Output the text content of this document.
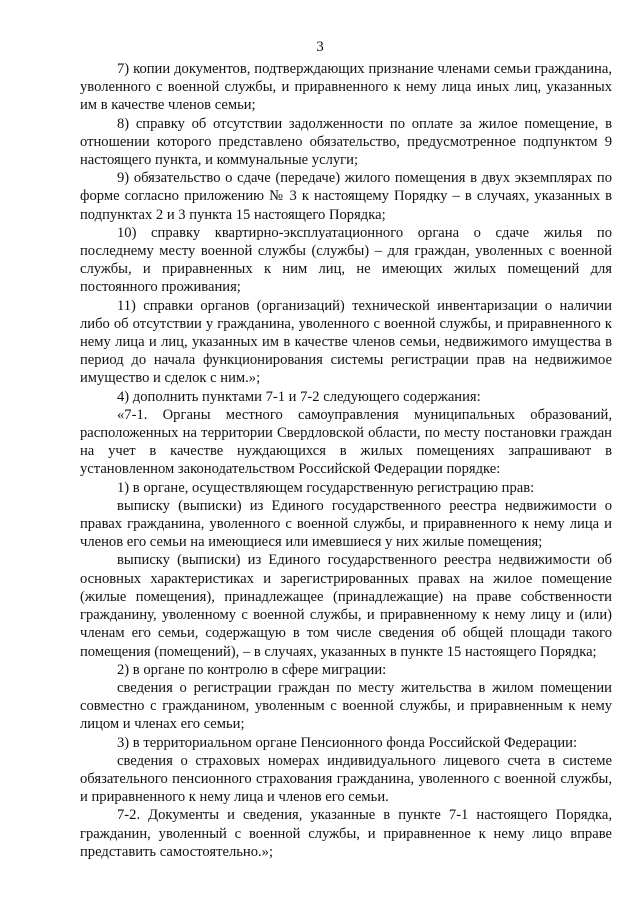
3

7) копии документов, подтверждающих признание членами семьи гражданина, уволенного с военной службы, и приравненного к нему лица иных лиц, указанных им в качестве членов семьи;

8) справку об отсутствии задолженности по оплате за жилое помещение, в отношении которого представлено обязательство, предусмотренное подпунктом 9 настоящего пункта, и коммунальные услуги;

9) обязательство о сдаче (передаче) жилого помещения в двух экземплярах по форме согласно приложению № 3 к настоящему Порядку – в случаях, указанных в подпунктах 2 и 3 пункта 15 настоящего Порядка;

10) справку квартирно-эксплуатационного органа о сдаче жилья по последнему месту военной службы (службы) – для граждан, уволенных с военной службы, и приравненных к ним лиц, не имеющих жилых помещений для постоянного проживания;

11) справки органов (организаций) технической инвентаризации о наличии либо об отсутствии у гражданина, уволенного с военной службы, и приравненного к нему лица и лиц, указанных им в качестве членов семьи, недвижимого имущества в период до начала функционирования системы регистрации прав на недвижимое имущество и сделок с ним.»;

4) дополнить пунктами 7-1 и 7-2 следующего содержания:

«7-1. Органы местного самоуправления муниципальных образований, расположенных на территории Свердловской области, по месту постановки граждан на учет в качестве нуждающихся в жилых помещениях запрашивают в установленном законодательством Российской Федерации порядке:

1) в органе, осуществляющем государственную регистрацию прав:

выписку (выписки) из Единого государственного реестра недвижимости о правах гражданина, уволенного с военной службы, и приравненного к нему лица и членов его семьи на имеющиеся или имевшиеся у них жилые помещения;

выписку (выписки) из Единого государственного реестра недвижимости об основных характеристиках и зарегистрированных правах на жилое помещение (жилые помещения), принадлежащее (принадлежащие) на праве собственности гражданину, уволенному с военной службы, и приравненному к нему лицу и (или) членам его семьи, содержащую в том числе сведения об общей площади такого помещения (помещений), – в случаях, указанных в пункте 15 настоящего Порядка;

2) в органе по контролю в сфере миграции:

сведения о регистрации граждан по месту жительства в жилом помещении совместно с гражданином, уволенным с военной службы, и приравненным к нему лицом и членах его семьи;

3) в территориальном органе Пенсионного фонда Российской Федерации:

сведения о страховых номерах индивидуального лицевого счета в системе обязательного пенсионного страхования гражданина, уволенного с военной службы, и приравненного к нему лица и членов его семьи.

7-2. Документы и сведения, указанные в пункте 7-1 настоящего Порядка, гражданин, уволенный с военной службы, и приравненное к нему лицо вправе представить самостоятельно.»;
